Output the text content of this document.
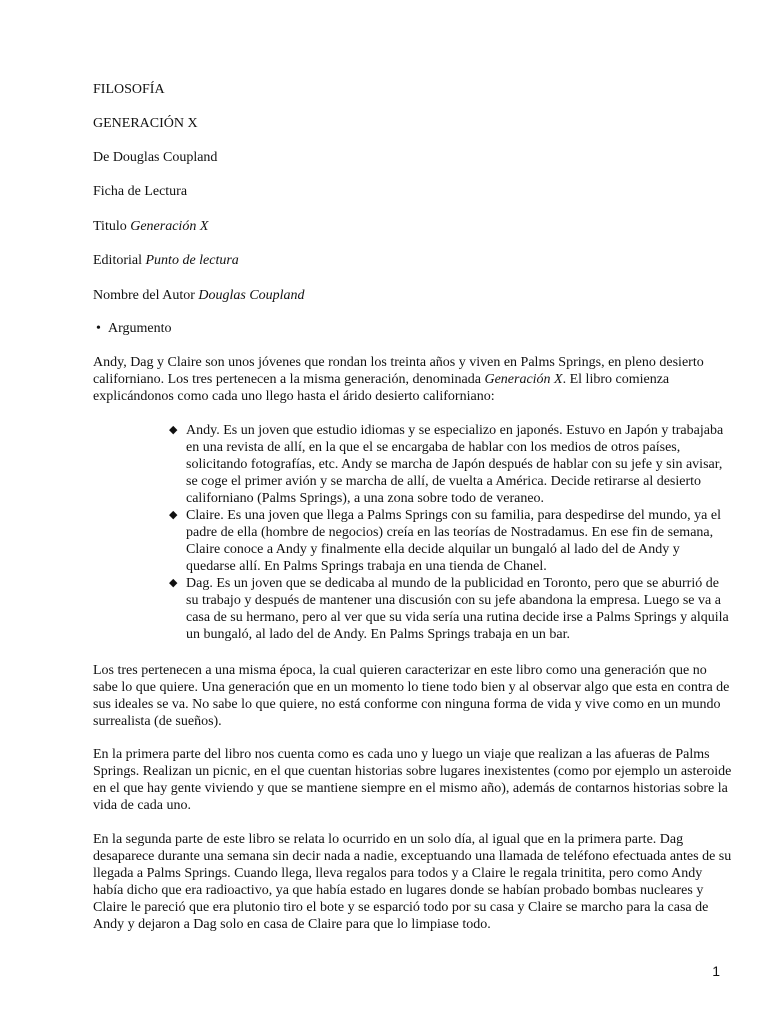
FILOSOFÍA
GENERACIÓN X
De Douglas Coupland
Ficha de Lectura
Titulo Generación X
Editorial Punto de lectura
Nombre del Autor Douglas Coupland
• Argumento

Andy, Dag y Claire son unos jóvenes que rondan los treinta años y viven en Palms Springs, en pleno desierto californiano. Los tres pertenecen a la misma generación, denominada Generación X. El libro comienza explicándonos como cada uno llego hasta el árido desierto californiano:

◆ Andy. Es un joven que estudio idiomas y se especializo en japonés. Estuvo en Japón y trabajaba en una revista de allí, en la que el se encargaba de hablar con los medios de otros países, solicitando fotografías, etc. Andy se marcha de Japón después de hablar con su jefe y sin avisar, se coge el primer avión y se marcha de allí, de vuelta a América. Decide retirarse al desierto californiano (Palms Springs), a una zona sobre todo de veraneo.
◆ Claire. Es una joven que llega a Palms Springs con su familia, para despedirse del mundo, ya el padre de ella (hombre de negocios) creía en las teorías de Nostradamus. En ese fin de semana, Claire conoce a Andy y finalmente ella decide alquilar un bungaló al lado del de Andy y quedarse allí. En Palms Springs trabaja en una tienda de Chanel.
◆ Dag. Es un joven que se dedicaba al mundo de la publicidad en Toronto, pero que se aburrió de su trabajo y después de mantener una discusión con su jefe abandona la empresa. Luego se va a casa de su hermano, pero al ver que su vida sería una rutina decide irse a Palms Springs y alquila un bungaló, al lado del de Andy. En Palms Springs trabaja en un bar.

Los tres pertenecen a una misma época, la cual quieren caracterizar en este libro como una generación que no sabe lo que quiere. Una generación que en un momento lo tiene todo bien y al observar algo que esta en contra de sus ideales se va. No sabe lo que quiere, no está conforme con ninguna forma de vida y vive como en un mundo surrealista (de sueños).

En la primera parte del libro nos cuenta como es cada uno y luego un viaje que realizan a las afueras de Palms Springs. Realizan un picnic, en el que cuentan historias sobre lugares inexistentes (como por ejemplo un asteroide en el que hay gente viviendo y que se mantiene siempre en el mismo año), además de contarnos historias sobre la vida de cada uno.

En la segunda parte de este libro se relata lo ocurrido en un solo día, al igual que en la primera parte. Dag desaparece durante una semana sin decir nada a nadie, exceptuando una llamada de teléfono efectuada antes de su llegada a Palms Springs. Cuando llega, lleva regalos para todos y a Claire le regala trinitita, pero como Andy había dicho que era radioactivo, ya que había estado en lugares donde se habían probado bombas nucleares y Claire le pareció que era plutonio tiro el bote y se esparció todo por su casa y Claire se marcho para la casa de Andy y dejaron a Dag solo en casa de Claire para que lo limpiase todo.

1
